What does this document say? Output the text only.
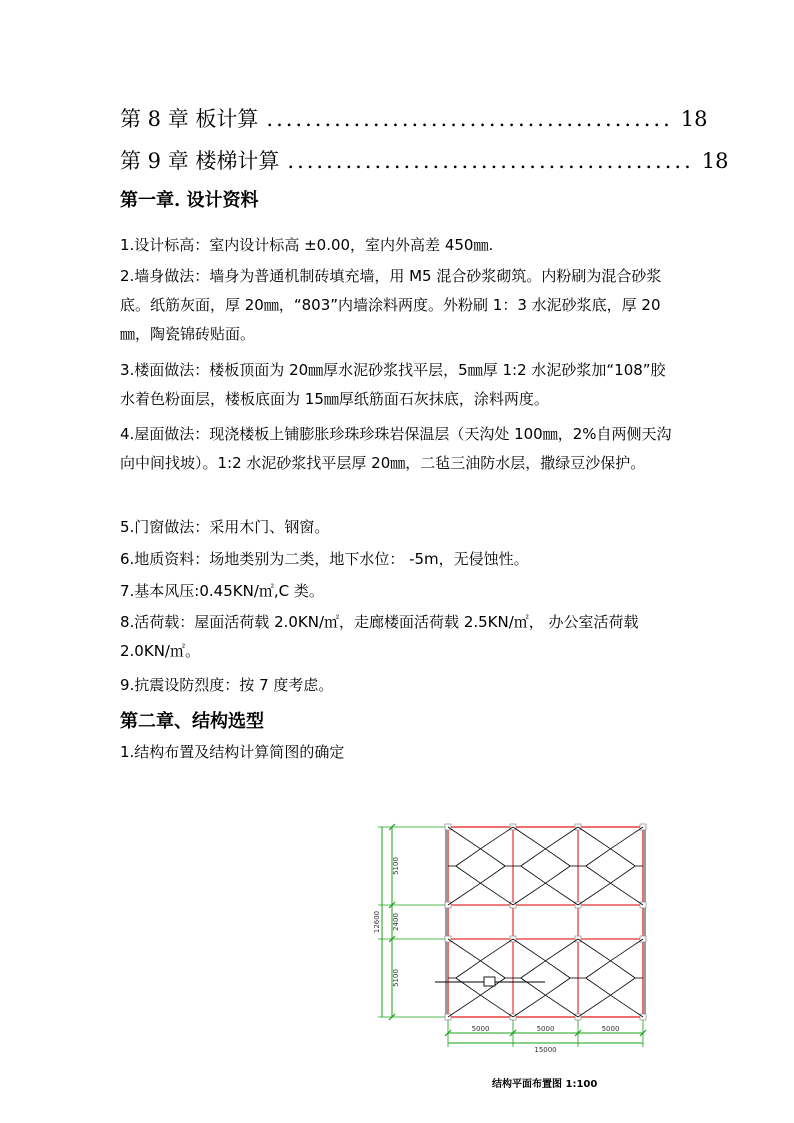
第 8 章 板计算 .......................................... 18
第 9 章 楼梯计算 .......................................... 18
第一章. 设计资料

1.设计标高：室内设计标高 ±0.00，室内外高差 450㎜.

2.墙身做法：墙身为普通机制砖填充墙，用 M5 混合砂浆砌筑。内粉刷为混合砂浆底。纸筋灰面，厚 20㎜，“803”内墙涂料两度。外粉刷 1：3 水泥砂浆底，厚 20㎜，陶瓷锦砖贴面。

3.楼面做法：楼板顶面为 20㎜厚水泥砂浆找平层，5㎜厚 1:2 水泥砂浆加“108”胶水着色粉面层，楼板底面为 15㎜厚纸筋面石灰抹底，涂料两度。

4.屋面做法：现浇楼板上铺膨胀珍珠珍珠岩保温层（天沟处 100㎜，2%自两侧天沟向中间找坡）。1:2 水泥砂浆找平层厚 20㎜，二毡三油防水层，撒绿豆沙保护。

5.门窗做法：采用木门、钢窗。

6.地质资料：场地类别为二类，地下水位： -5m，无侵蚀性。

7.基本风压:0.45KN/㎡,C 类。

8.活荷载：屋面活荷载 2.0KN/㎡，走廊楼面活荷载 2.5KN/㎡， 办公室活荷载 2.0KN/㎡。

9.抗震设防烈度：按 7 度考虑。

第二章、结构选型
1.结构布置及结构计算简图的确定
5100
2400
5100
12600
5000	5000	5000
15000
结构平面布置图 1:100
